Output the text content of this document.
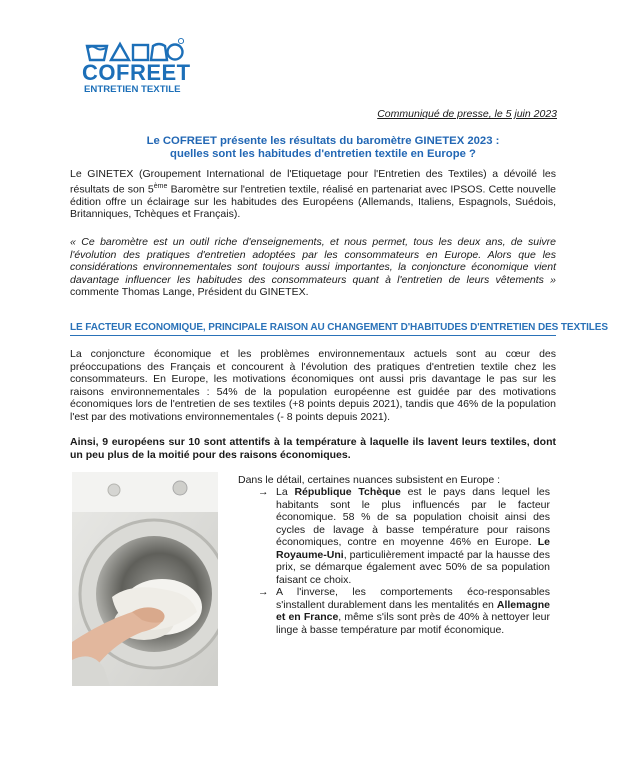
COFREET
ENTRETIEN TEXTILE
Communiqué de presse, le 5 juin 2023
Le COFREET présente les résultats du baromètre GINETEX 2023 :
quelles sont les habitudes d'entretien textile en Europe ?
Le GINETEX (Groupement International de l'Etiquetage pour l'Entretien des Textiles) a dévoilé les résultats de son 5ème Baromètre sur l'entretien textile, réalisé en partenariat avec IPSOS. Cette nouvelle édition offre un éclairage sur les habitudes des Européens (Allemands, Italiens, Espagnols, Suédois, Britanniques, Tchèques et Français).
« Ce baromètre est un outil riche d'enseignements, et nous permet, tous les deux ans, de suivre l'évolution des pratiques d'entretien adoptées par les consommateurs en Europe. Alors que les considérations environnementales sont toujours aussi importantes, la conjoncture économique vient davantage influencer les habitudes des consommateurs quant à l'entretien de leurs vêtements » commente Thomas Lange, Président du GINETEX.
LE FACTEUR ECONOMIQUE, PRINCIPALE RAISON AU CHANGEMENT D'HABITUDES D'ENTRETIEN DES TEXTILES
La conjoncture économique et les problèmes environnementaux actuels sont au cœur des préoccupations des Français et concourent à l'évolution des pratiques d'entretien textile chez les consommateurs. En Europe, les motivations économiques ont aussi pris davantage le pas sur les raisons environnementales : 54% de la population européenne est guidée par des motivations économiques lors de l'entretien de ses textiles (+8 points depuis 2021), tandis que 46% de la population l'est par des motivations environnementales (- 8 points depuis 2021).
Ainsi, 9 européens sur 10 sont attentifs à la température à laquelle ils lavent leurs textiles, dont un peu plus de la moitié pour des raisons économiques.
Dans le détail, certaines nuances subsistent en Europe :
→ La République Tchèque est le pays dans lequel les habitants sont le plus influencés par le facteur économique. 58 % de sa population choisit ainsi des cycles de lavage à basse température pour raisons économiques, contre en moyenne 46% en Europe. Le Royaume-Uni, particulièrement impacté par la hausse des prix, se démarque également avec 50% de sa population faisant ce choix.
→ A l'inverse, les comportements éco-responsables s'installent durablement dans les mentalités en Allemagne et en France, même s'ils sont près de 40% à nettoyer leur linge à basse température par motif économique.
